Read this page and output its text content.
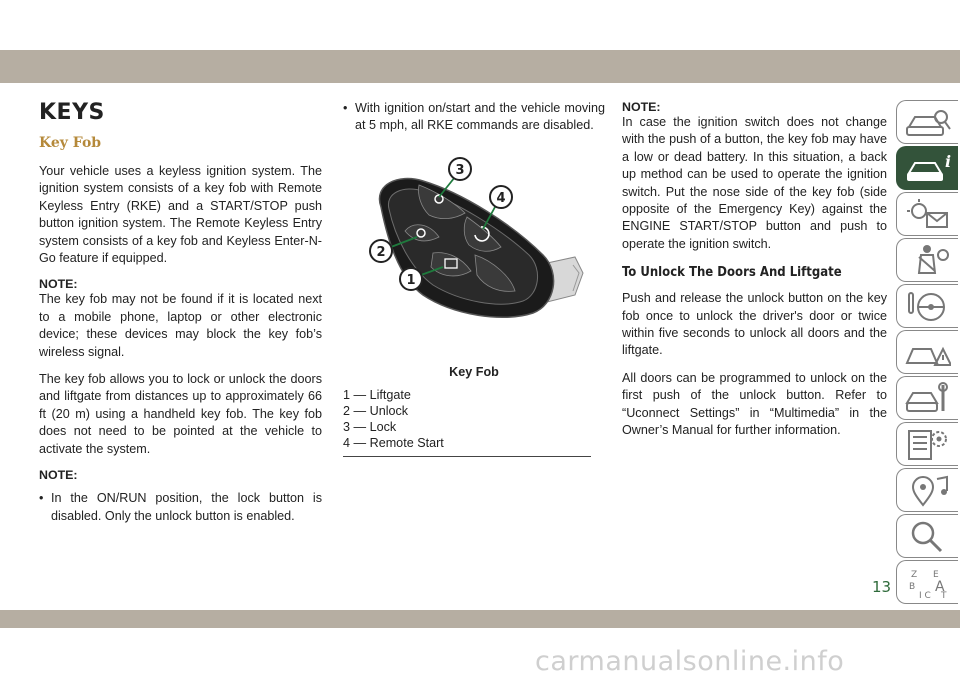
KEYS
Key Fob

Your vehicle uses a keyless ignition system. The ignition system consists of a key fob with Remote Keyless Entry (RKE) and a START/STOP push button ignition system. The Remote Keyless Entry system consists of a key fob and Keyless Enter-N-Go feature if equipped.

NOTE:

The key fob may not be found if it is located next to a mobile phone, laptop or other electronic device; these devices may block the key fob’s wireless signal.

The key fob allows you to lock or unlock the doors and liftgate from distances up to approximately 66 ft (20 m) using a handheld key fob. The key fob does not need to be pointed at the vehicle to activate the system.

NOTE:

• In the ON/RUN position, the lock button is disabled. Only the unlock button is enabled.

• With ignition on/start and the vehicle moving at 5 mph, all RKE commands are disabled.

3
4
2
1
Key Fob
1 — Liftgate
2 — Unlock
3 — Lock
4 — Remote Start
NOTE:

In case the ignition switch does not change with the push of a button, the key fob may have a low or dead battery. In this situation, a back up method can be used to operate the ignition switch. Put the nose side of the key fob (side opposite of the Emergency Key) against the ENGINE START/STOP button and push to operate the ignition switch.

To Unlock The Doors And Liftgate

Push and release the unlock button on the key fob once to unlock the driver's door or twice within five seconds to unlock all doors and the liftgate.

All doors can be programmed to unlock on the first push of the unlock button. Refer to “Uconnect Settings” in “Multimedia” in the Owner’s Manual for further information.

i
Z E
B A
I C T
13
carmanualsonline.info
